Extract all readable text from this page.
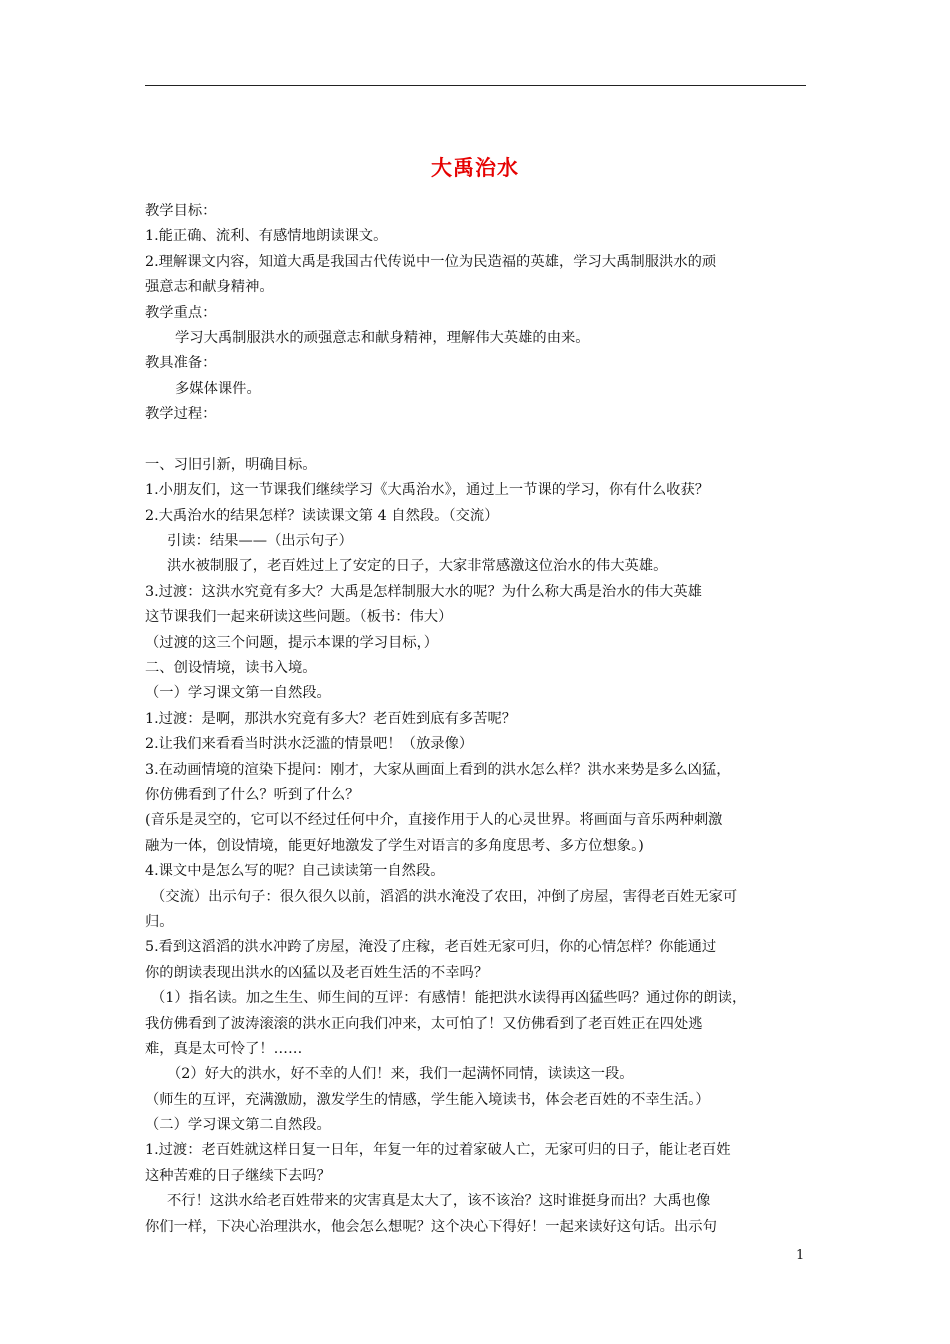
大禹治水
教学目标：
1.能正确、流利、有感情地朗读课文。
2.理解课文内容，知道大禹是我国古代传说中一位为民造福的英雄，学习大禹制服洪水的顽
强意志和献身精神。
教学重点：
学习大禹制服洪水的顽强意志和献身精神，理解伟大英雄的由来。
教具准备：
多媒体课件。
教学过程：
一、习旧引新，明确目标。
1.小朋友们，这一节课我们继续学习《大禹治水》，通过上一节课的学习，你有什么收获？
2.大禹治水的结果怎样？读读课文第 4 自然段。（交流）
引读：结果——（出示句子）
洪水被制服了，老百姓过上了安定的日子，大家非常感激这位治水的伟大英雄。
3.过渡：这洪水究竟有多大？大禹是怎样制服大水的呢？为什么称大禹是治水的伟大英雄
这节课我们一起来研读这些问题。（板书：伟大）
（过渡的这三个问题，提示本课的学习目标，）
二、创设情境，读书入境。
（一）学习课文第一自然段。
1.过渡：是啊，那洪水究竟有多大？老百姓到底有多苦呢？
2.让我们来看看当时洪水泛滥的情景吧！（放录像）
3.在动画情境的渲染下提问：刚才，大家从画面上看到的洪水怎么样？洪水来势是多么凶猛，
你仿佛看到了什么？听到了什么？
(音乐是灵空的，它可以不经过任何中介，直接作用于人的心灵世界。将画面与音乐两种刺激
融为一体，创设情境，能更好地激发了学生对语言的多角度思考、多方位想象。)
4.课文中是怎么写的呢？自己读读第一自然段。
（交流）出示句子：很久很久以前，滔滔的洪水淹没了农田，冲倒了房屋，害得老百姓无家可
归。
5.看到这滔滔的洪水冲跨了房屋，淹没了庄稼，老百姓无家可归，你的心情怎样？你能通过
你的朗读表现出洪水的凶猛以及老百姓生活的不幸吗？
（1）指名读。加之生生、师生间的互评：有感情！能把洪水读得再凶猛些吗？通过你的朗读，
我仿佛看到了波涛滚滚的洪水正向我们冲来，太可怕了！又仿佛看到了老百姓正在四处逃
难，真是太可怜了！……
（2）好大的洪水，好不幸的人们！来，我们一起满怀同情，读读这一段。
（师生的互评，充满激励，激发学生的情感，学生能入境读书，体会老百姓的不幸生活。）
（二）学习课文第二自然段。
1.过渡：老百姓就这样日复一日年，年复一年的过着家破人亡，无家可归的日子，能让老百姓
这种苦难的日子继续下去吗？
不行！这洪水给老百姓带来的灾害真是太大了，该不该治？这时谁挺身而出？大禹也像
你们一样，下决心治理洪水，他会怎么想呢？这个决心下得好！一起来读好这句话。出示句
1
